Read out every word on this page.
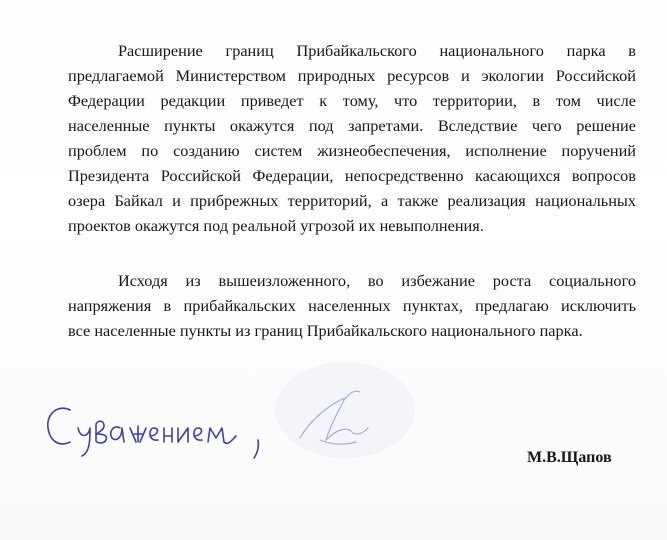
Расширение границ Прибайкальского национального парка в
предлагаемой Министерством природных ресурсов и экологии Российской
Федерации редакции приведет к тому, что территории, в том числе
населенные пункты окажутся под запретами. Вследствие чего решение
проблем по созданию систем жизнеобеспечения, исполнение поручений
Президента Российской Федерации, непосредственно касающихся вопросов
озера Байкал и прибрежных территорий, а также реализация национальных
проектов окажутся под реальной угрозой их невыполнения.
Исходя из вышеизложенного, во избежание роста социального
напряжения в прибайкальских населенных пунктах, предлагаю исключить
все населенные пункты из границ Прибайкальского национального парка.
М.В.Щапов
